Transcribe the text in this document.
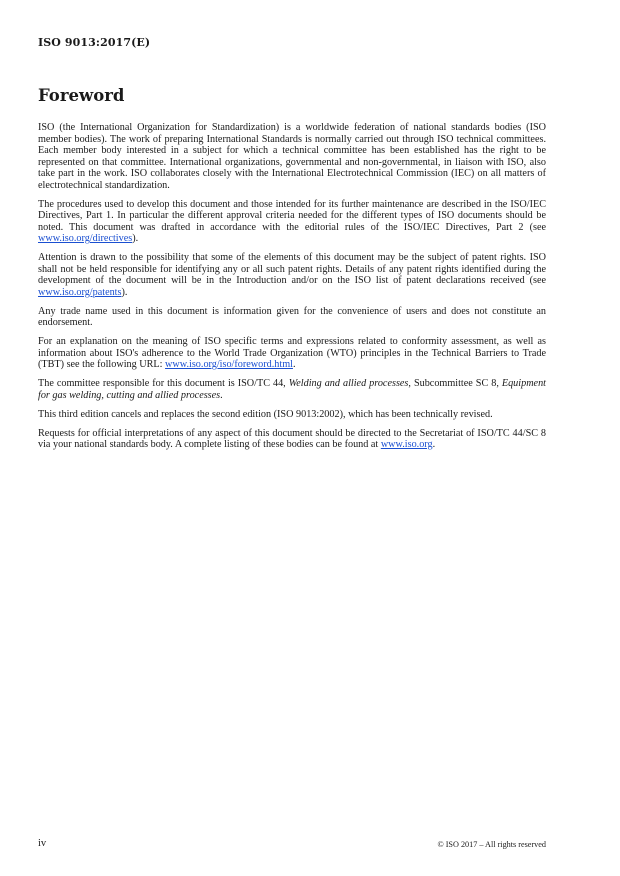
ISO 9013:2017(E)
Foreword

ISO (the International Organization for Standardization) is a worldwide federation of national standards bodies (ISO member bodies). The work of preparing International Standards is normally carried out through ISO technical committees. Each member body interested in a subject for which a technical committee has been established has the right to be represented on that committee. International organizations, governmental and non-governmental, in liaison with ISO, also take part in the work. ISO collaborates closely with the International Electrotechnical Commission (IEC) on all matters of electrotechnical standardization.

The procedures used to develop this document and those intended for its further maintenance are described in the ISO/IEC Directives, Part 1. In particular the different approval criteria needed for the different types of ISO documents should be noted. This document was drafted in accordance with the editorial rules of the ISO/IEC Directives, Part 2 (see www.iso.org/directives).

Attention is drawn to the possibility that some of the elements of this document may be the subject of patent rights. ISO shall not be held responsible for identifying any or all such patent rights. Details of any patent rights identified during the development of the document will be in the Introduction and/or on the ISO list of patent declarations received (see www.iso.org/patents).

Any trade name used in this document is information given for the convenience of users and does not constitute an endorsement.

For an explanation on the meaning of ISO specific terms and expressions related to conformity assessment, as well as information about ISO's adherence to the World Trade Organization (WTO) principles in the Technical Barriers to Trade (TBT) see the following URL: www.iso.org/iso/foreword.html.

The committee responsible for this document is ISO/TC 44, Welding and allied processes, Subcommittee SC 8, Equipment for gas welding, cutting and allied processes.

This third edition cancels and replaces the second edition (ISO 9013:2002), which has been technically revised.

Requests for official interpretations of any aspect of this document should be directed to the Secretariat of ISO/TC 44/SC 8 via your national standards body. A complete listing of these bodies can be found at www.iso.org.

iv	© ISO 2017 – All rights reserved
